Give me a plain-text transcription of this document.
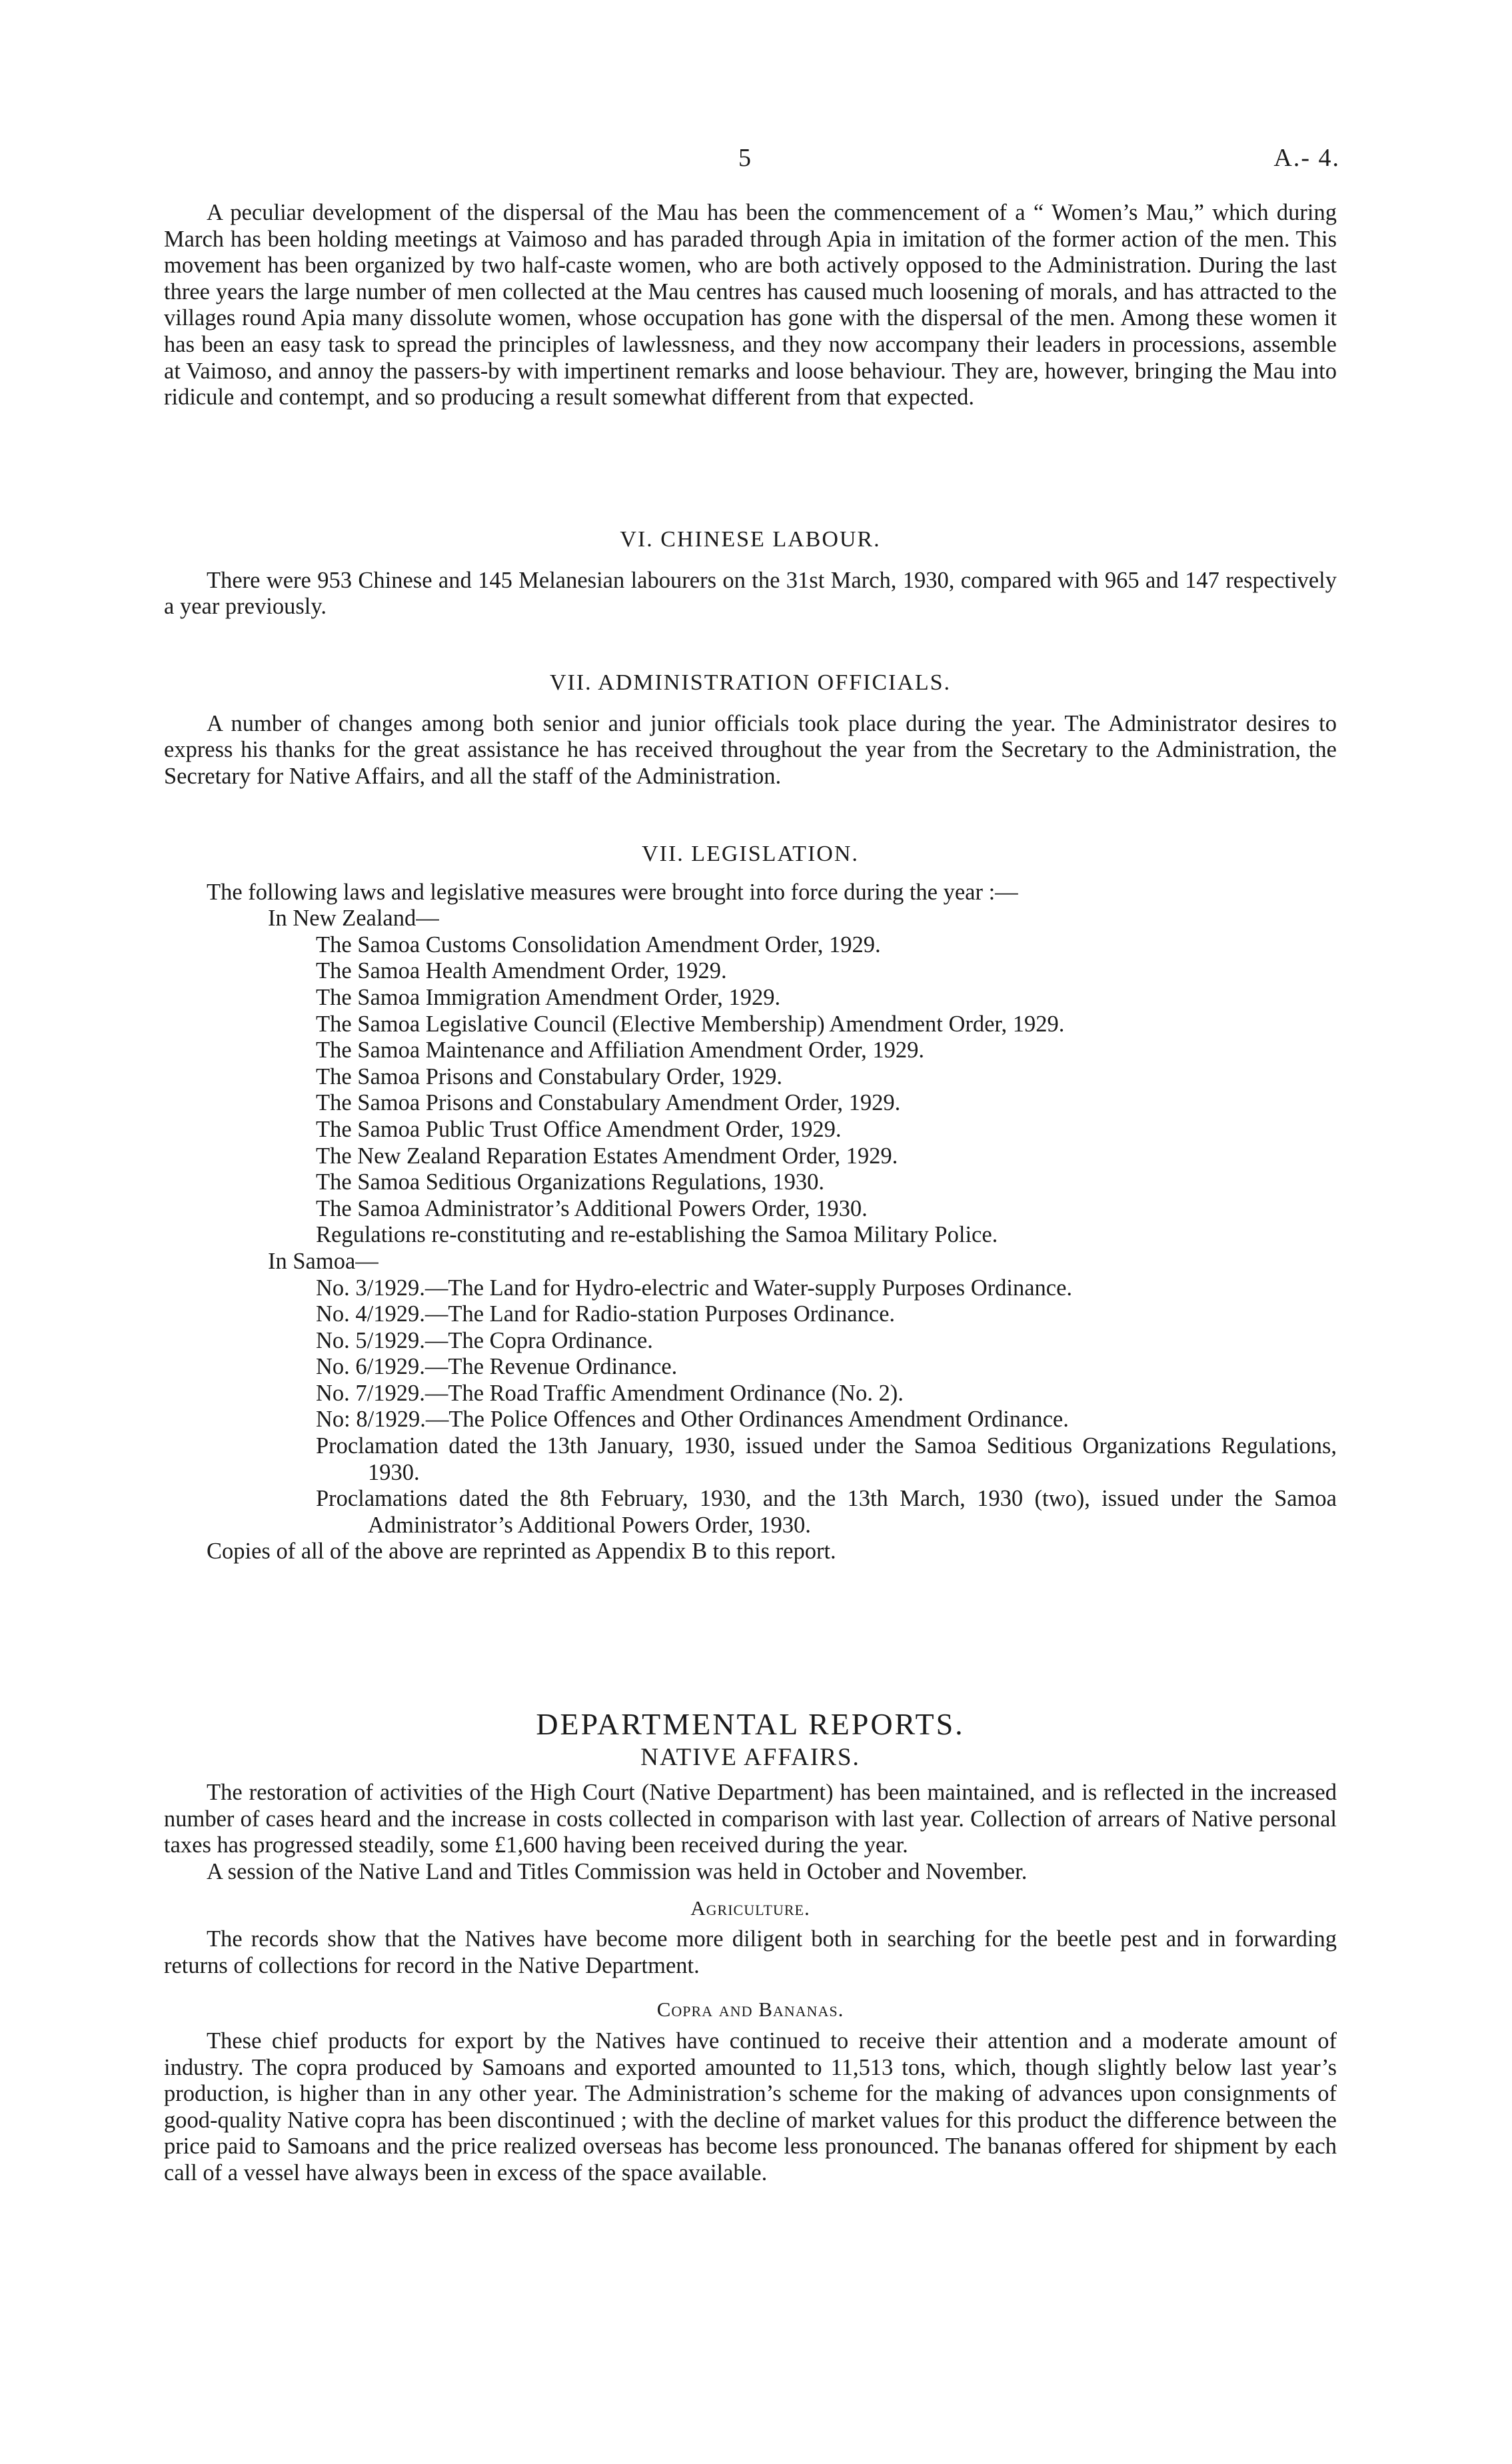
5	A.- 4.

A peculiar development of the dispersal of the Mau has been the commencement of a “ Women’s Mau,” which during March has been holding meetings at Vaimoso and has paraded through Apia in imitation of the former action of the men. This movement has been organized by two half-caste women, who are both actively opposed to the Administration. During the last three years the large number of men collected at the Mau centres has caused much loosening of morals, and has attracted to the villages round Apia many dissolute women, whose occupation has gone with the dispersal of the men. Among these women it has been an easy task to spread the principles of lawlessness, and they now accompany their leaders in processions, assemble at Vaimoso, and annoy the passers-by with impertinent remarks and loose behaviour. They are, however, bringing the Mau into ridicule and contempt, and so producing a result somewhat different from that expected.

VI. CHINESE LABOUR.

There were 953 Chinese and 145 Melanesian labourers on the 31st March, 1930, compared with 965 and 147 respectively a year previously.

VII. ADMINISTRATION OFFICIALS.

A number of changes among both senior and junior officials took place during the year. The Administrator desires to express his thanks for the great assistance he has received throughout the year from the Secretary to the Administration, the Secretary for Native Affairs, and all the staff of the Administration.

VII. LEGISLATION.

The following laws and legislative measures were brought into force during the year :—

In New Zealand—

The Samoa Customs Consolidation Amendment Order, 1929.

The Samoa Health Amendment Order, 1929.

The Samoa Immigration Amendment Order, 1929.

The Samoa Legislative Council (Elective Membership) Amendment Order, 1929.

The Samoa Maintenance and Affiliation Amendment Order, 1929.

The Samoa Prisons and Constabulary Order, 1929.

The Samoa Prisons and Constabulary Amendment Order, 1929.

The Samoa Public Trust Office Amendment Order, 1929.

The New Zealand Reparation Estates Amendment Order, 1929.

The Samoa Seditious Organizations Regulations, 1930.

The Samoa Administrator’s Additional Powers Order, 1930.

Regulations re-constituting and re-establishing the Samoa Military Police.

In Samoa—

No. 3/1929.—The Land for Hydro-electric and Water-supply Purposes Ordinance.

No. 4/1929.—The Land for Radio-station Purposes Ordinance.

No. 5/1929.—The Copra Ordinance.

No. 6/1929.—The Revenue Ordinance.

No. 7/1929.—The Road Traffic Amendment Ordinance (No. 2).

No: 8/1929.—The Police Offences and Other Ordinances Amendment Ordinance.

Proclamation dated the 13th January, 1930, issued under the Samoa Seditious Organizations Regulations, 1930.

Proclamations dated the 8th February, 1930, and the 13th March, 1930 (two), issued under the Samoa Administrator’s Additional Powers Order, 1930.

Copies of all of the above are reprinted as Appendix B to this report.

DEPARTMENTAL REPORTS.

NATIVE AFFAIRS.

The restoration of activities of the High Court (Native Department) has been maintained, and is reflected in the increased number of cases heard and the increase in costs collected in comparison with last year. Collection of arrears of Native personal taxes has progressed steadily, some £1,600 having been received during the year.

A session of the Native Land and Titles Commission was held in October and November.

Agriculture.

The records show that the Natives have become more diligent both in searching for the beetle pest and in forwarding returns of collections for record in the Native Department.

Copra and Bananas.

These chief products for export by the Natives have continued to receive their attention and a moderate amount of industry. The copra produced by Samoans and exported amounted to 11,513 tons, which, though slightly below last year’s production, is higher than in any other year. The Administration’s scheme for the making of advances upon consignments of good-quality Native copra has been discontinued ; with the decline of market values for this product the difference between the price paid to Samoans and the price realized overseas has become less pronounced. The bananas offered for shipment by each call of a vessel have always been in excess of the space available.
